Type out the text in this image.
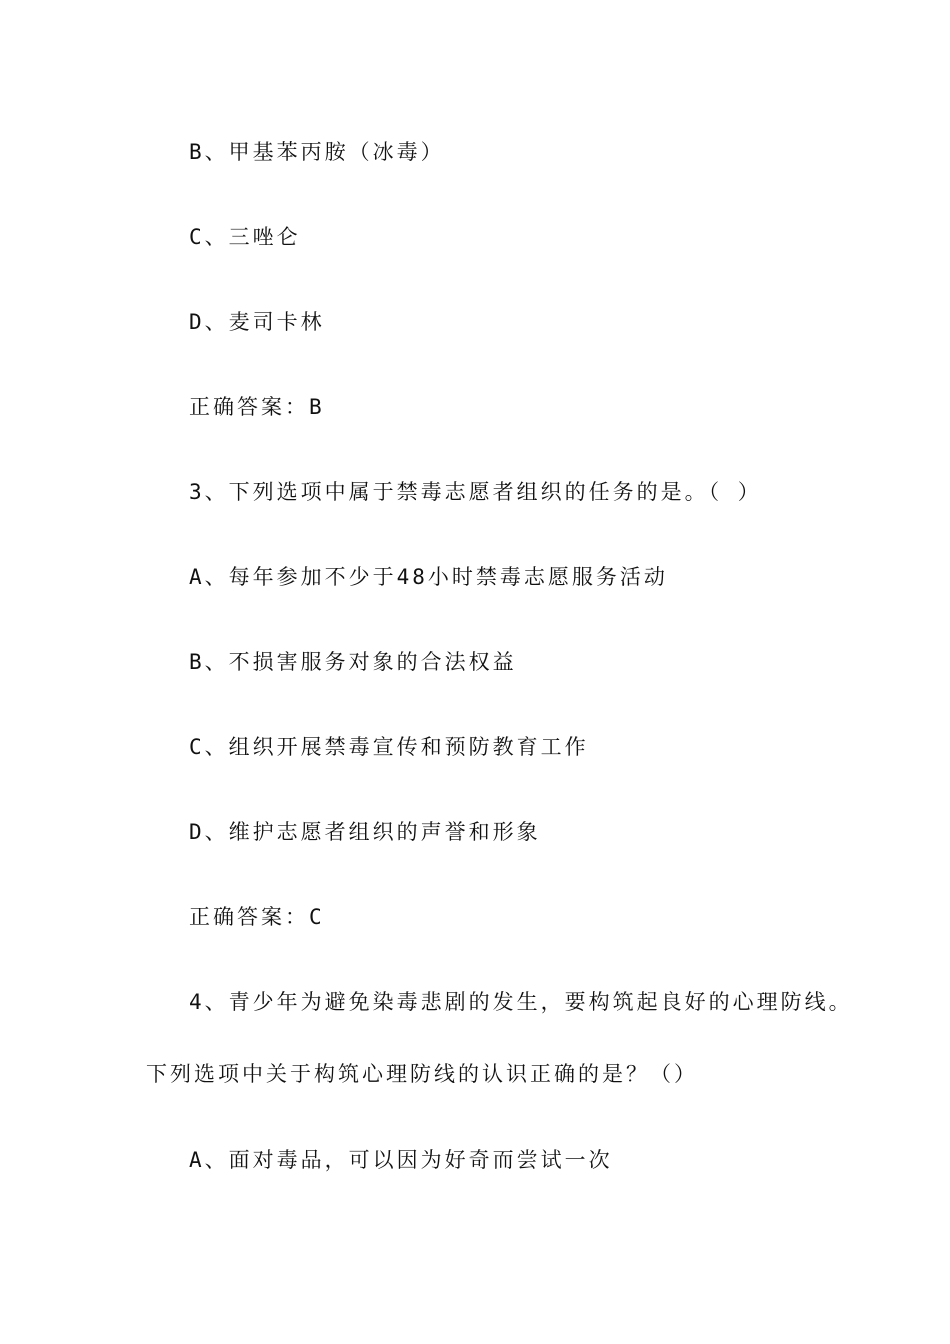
B、甲基苯丙胺（冰毒）
C、三唑仑
D、麦司卡林
正确答案：B
3、下列选项中属于禁毒志愿者组织的任务的是。（ ）
A、每年参加不少于48小时禁毒志愿服务活动
B、不损害服务对象的合法权益
C、组织开展禁毒宣传和预防教育工作
D、维护志愿者组织的声誉和形象
正确答案：C
4、青少年为避免染毒悲剧的发生，要构筑起良好的心理防线。
下列选项中关于构筑心理防线的认识正确的是？（）
A、面对毒品，可以因为好奇而尝试一次
